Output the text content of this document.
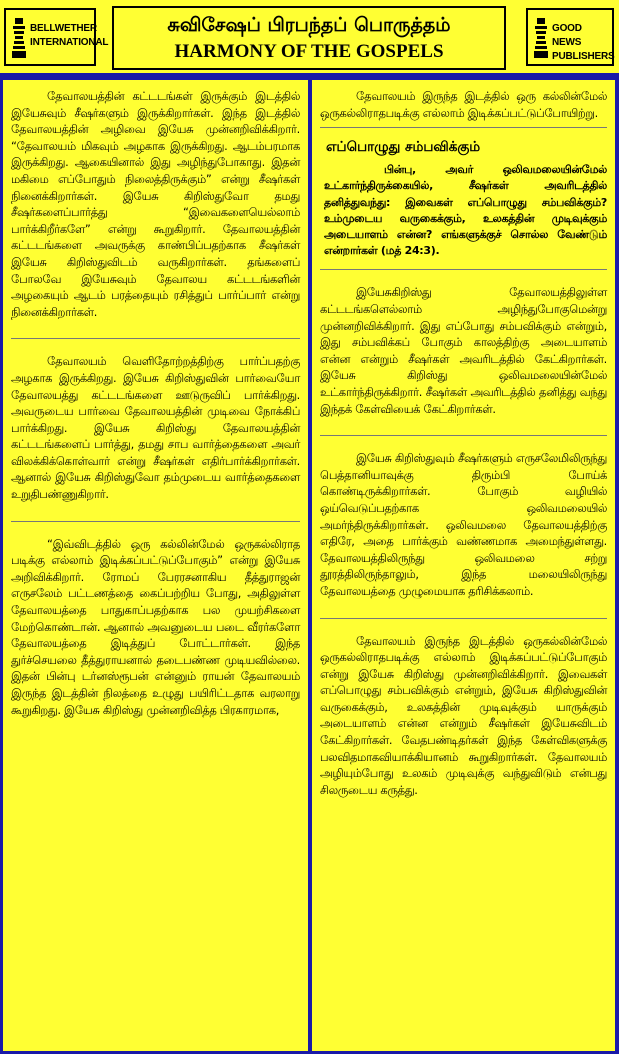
BELLWETHER
INTERNATIONAL
சுவிசேஷப் பிரபந்தப் பொருத்தம்
HARMONY OF THE GOSPELS
GOOD NEWS
PUBLISHERS

தேவாலயத்தின் கட்டடங்கள் இருக்கும் இடத்தில் இயேசுவும் சீஷர்களும் இருக்கிறார்கள். இந்த இடத்தில் தேவாலயத்தின் அழிவை இயேசு முன்னறிவிக்கிறார். “தேவாலயம் மிகவும் அழகாக இருக்கிறது. ஆடம்பரமாக இருக்கிறது. ஆகையினால் இது அழிந்துபோகாது. இதன் மகிமை எப்போதும் நிலைத்திருக்கும்” என்று சீஷர்கள் நினைக்கிறார்கள். இயேசு கிறிஸ்துவோ தமது சீஷர்களைப்பார்த்து “இவைகளையெல்லாம் பார்க்கிறீர்களே” என்று கூறுகிறார். தேவாலயத்தின் கட்டடங்களை அவருக்கு காண்பிப்பதற்காக சீஷர்கள் இயேசு கிறிஸ்துவிடம் வருகிறார்கள். தங்களைப் போலவே இயேசுவும் தேவாலய கட்டடங்களின் அழகையும் ஆடம் பரத்தையும் ரசித்துப் பார்ப்பார் என்று நினைக்கிறார்கள்.

தேவாலயம் வெளிதோற்றத்திற்கு பார்ப்பதற்கு அழகாக இருக்கிறது. இயேசு கிறிஸ்துவின் பார்வையோ தேவாலயத்து கட்டடங்களை ஊடுருவிப் பார்க்கிறது. அவருடைய பார்வை தேவாலயத்தின் முடிவை நோக்கிப் பார்க்கிறது. இயேசு கிறிஸ்து தேவாலயத்தின் கட்டடங்களைப் பார்த்து, தமது சாப வார்த்தைகளை அவர் விலக்கிக்கொள்வார் என்று சீஷர்கள் எதிர்பார்க்கிறார்கள். ஆனால் இயேசு கிறிஸ்துவோ தம்முடைய வார்த்தைகளை உறுதிபண்ணுகிறார்.

“இவ்விடத்தில் ஒரு கல்லின்மேல் ஒருகல்லிராத படிக்கு எல்லாம் இடிக்கப்பட்டுப்போகும்” என்று இயேசு அறிவிக்கிறார். ரோமப் பேரரசனாகிய தீத்துராஜன் எருசலேம் பட்டணத்தை கைப்பற்றிய போது, அதிலுள்ள தேவாலயத்தை பாதுகாப்பதற்காக பல முயற்சிகளை மேற்கொண்டான். ஆனால் அவனுடைய படை வீரர்களோ தேவாலயத்தை இடித்துப் போட்டார்கள். இந்த துர்ச்செயலை தீத்துராயனால் தடைபண்ண முடியவில்லை. இதன் பின்பு டர்னஸ்ரூபன் என்னும் ராயன் தேவாலயம் இருந்த இடத்தின் நிலத்தை உழுது பயிரிட்டதாக வரலாறு கூறுகிறது. இயேசு கிறிஸ்து முன்னறிவித்த பிரகாரமாக,

தேவாலயம் இருந்த இடத்தில் ஒரு கல்லின்மேல் ஒருகல்லிராதபடிக்கு எல்லாம் இடிக்கப்பட்டுப்போயிற்று.

எப்பொழுது சம்பவிக்கும்

பின்பு, அவர் ஒலிவமலையின்மேல் உட்கார்ந்திருக்கையில், சீஷர்கள் அவரிடத்தில் தனித்துவந்து: இவைகள் எப்பொழுது சம்பவிக்கும்? உம்முடைய வருகைக்கும், உலகத்தின் முடிவுக்கும் அடையாளம் என்ன? எங்களுக்குச் சொல்ல வேண்டும் என்றார்கள் (மத் 24:3).

இயேசுகிறிஸ்து தேவாலயத்திலுள்ள கட்டடங்களெல்லாம் அழிந்துபோகுமென்று முன்னறிவிக்கிறார். இது எப்போது சம்பவிக்கும் என்றும், இது சம்பவிக்கப் போகும் காலத்திற்கு அடையாளம் என்ன என்றும் சீஷர்கள் அவரிடத்தில் கேட்கிறார்கள். இயேசு கிறிஸ்து ஒலிவமலையின்மேல் உட்கார்ந்திருக்கிறார். சீஷர்கள் அவரிடத்தில் தனித்து வந்து இந்தக் கேள்வியைக் கேட்கிறார்கள்.

இயேசு கிறிஸ்துவும் சீஷர்களும் எருசலேமிலிருந்து பெத்தானியாவுக்கு திரும்பி போய்க் கொண்டிருக்கிறார்கள். போகும் வழியில் ஒய்வெடுப்பதற்காக ஒலிவமலையில் அமர்ந்திருக்கிறார்கள். ஒலிவமலை தேவாலயத்திற்கு எதிரே, அதை பார்க்கும் வண்ணமாக அமைந்துள்ளது. தேவாலயத்திலிருந்து ஒலிவமலை சற்று தூரத்திலிருந்தாலும், இந்த மலையிலிருந்து தேவாலயத்தை முழுமையாக தரிசிக்கலாம்.

தேவாலயம் இருந்த இடத்தில் ஒருகல்லின்மேல் ஒருகல்லிராதபடிக்கு எல்லாம் இடிக்கப்பட்டுப்போகும் என்று இயேசு கிறிஸ்து முன்னறிவிக்கிறார். இவைகள் எப்பொழுது சம்பவிக்கும் என்றும், இயேசு கிறிஸ்துவின் வருகைக்கும், உலகத்தின் முடிவுக்கும் யாருக்கும் அடையாளம் என்ன என்றும் சீஷர்கள் இயேசுவிடம் கேட்கிறார்கள். வேதபண்டிதர்கள் இந்த கேள்விகளுக்கு பலவிதமாகவியாக்கியானம் கூறுகிறார்கள். தேவாலயம் அழியும்போது உலகம் முடிவுக்கு வந்துவிடும் என்பது சிலருடைய கருத்து.
